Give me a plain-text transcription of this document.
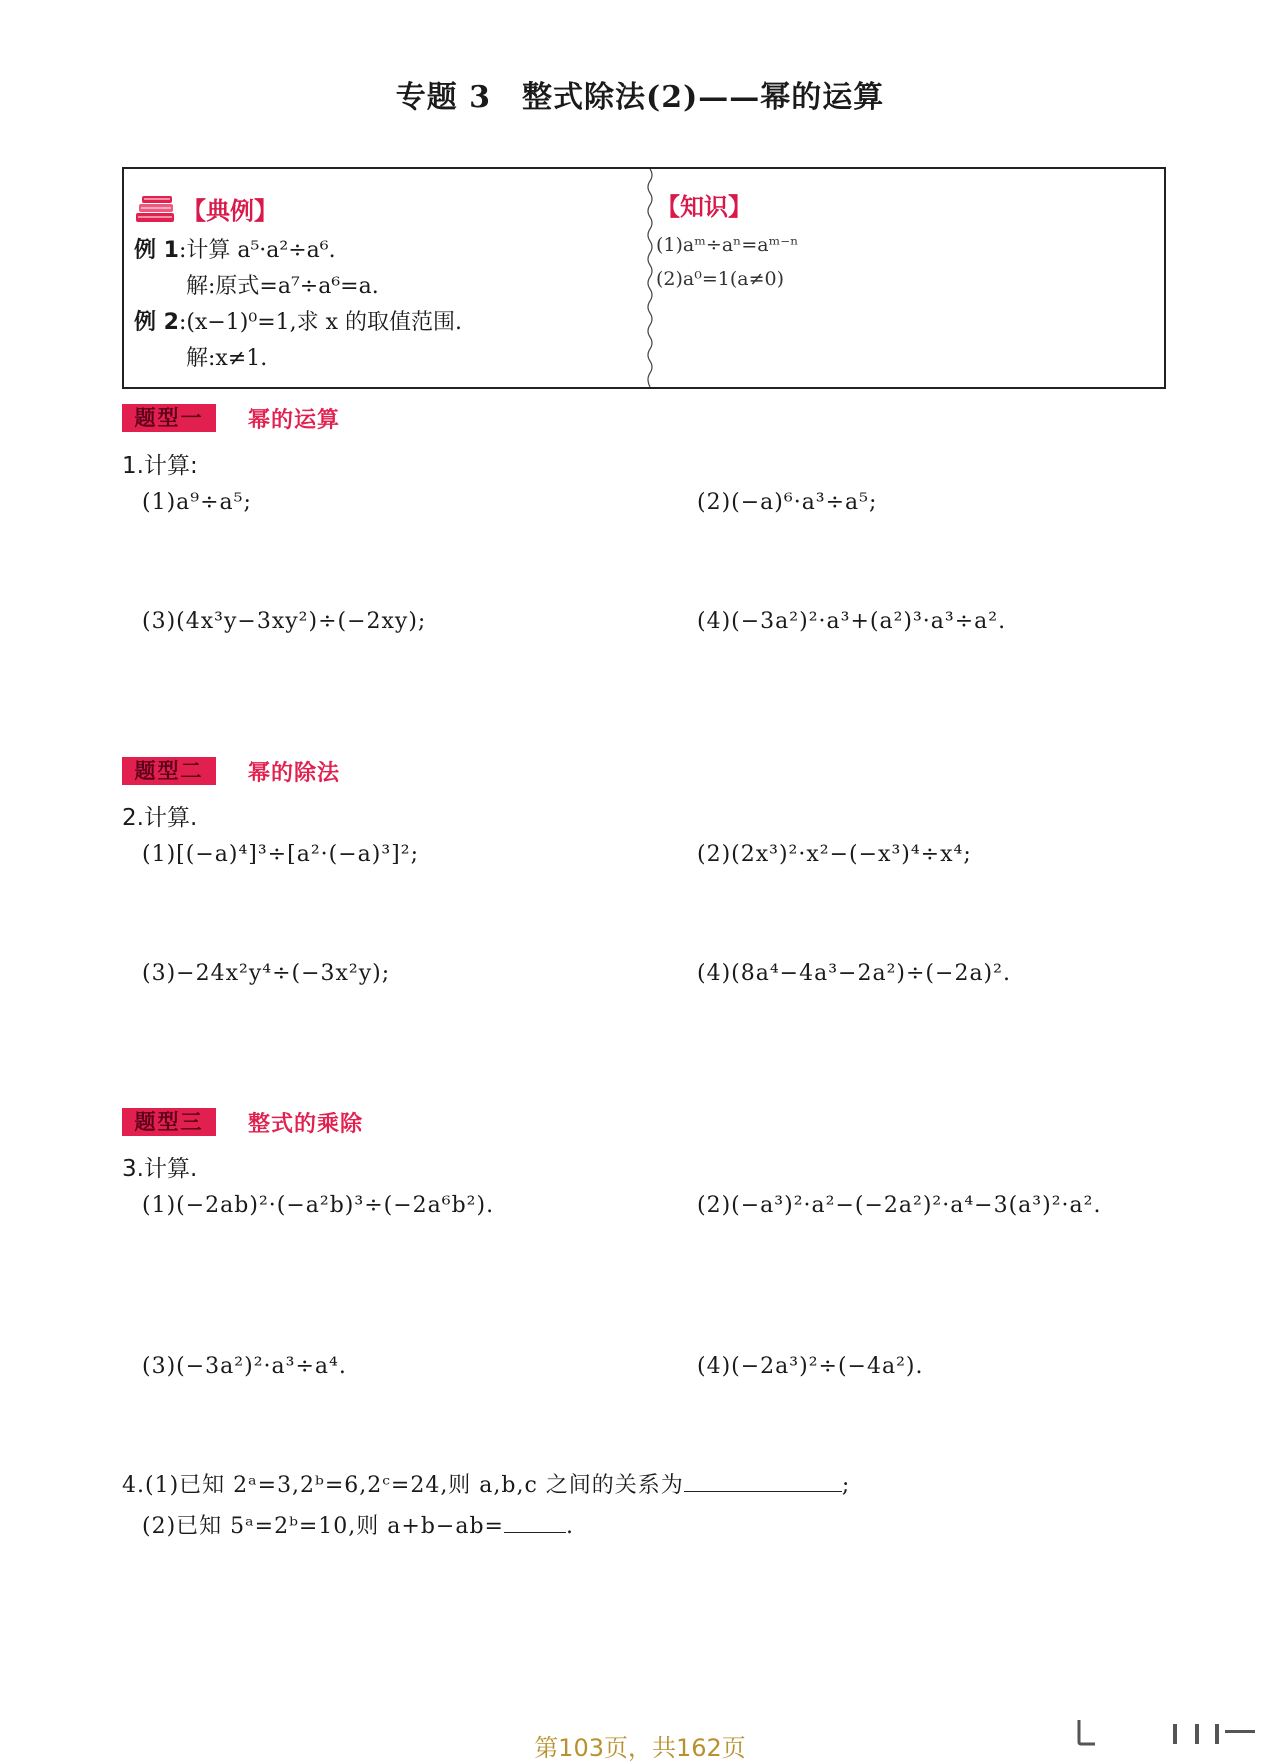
专题 3　整式除法(2)——幂的运算
【典例】
例 1:计算 a⁵·a²÷a⁶.
解:原式=a⁷÷a⁶=a.
例 2:(x−1)⁰=1,求 x 的取值范围.
解:x≠1.
【知识】
(1)aᵐ÷aⁿ=aᵐ⁻ⁿ
(2)a⁰=1(a≠0)
题型一	幂的运算
1.计算:
(1)a⁹÷a⁵;	(2)(−a)⁶·a³÷a⁵;
(3)(4x³y−3xy²)÷(−2xy);	(4)(−3a²)²·a³+(a²)³·a³÷a².
题型二	幂的除法
2.计算.
(1)[(−a)⁴]³÷[a²·(−a)³]²;	(2)(2x³)²·x²−(−x³)⁴÷x⁴;
(3)−24x²y⁴÷(−3x²y);	(4)(8a⁴−4a³−2a²)÷(−2a)².
题型三	整式的乘除
3.计算.
(1)(−2ab)²·(−a²b)³÷(−2a⁶b²).	(2)(−a³)²·a²−(−2a²)²·a⁴−3(a³)²·a².
(3)(−3a²)²·a³÷a⁴.	(4)(−2a³)²÷(−4a²).
4.(1)已知 2ᵃ=3,2ᵇ=6,2ᶜ=24,则 a,b,c 之间的关系为	;
(2)已知 5ᵃ=2ᵇ=10,则 a+b−ab=	.
第103页，共162页
